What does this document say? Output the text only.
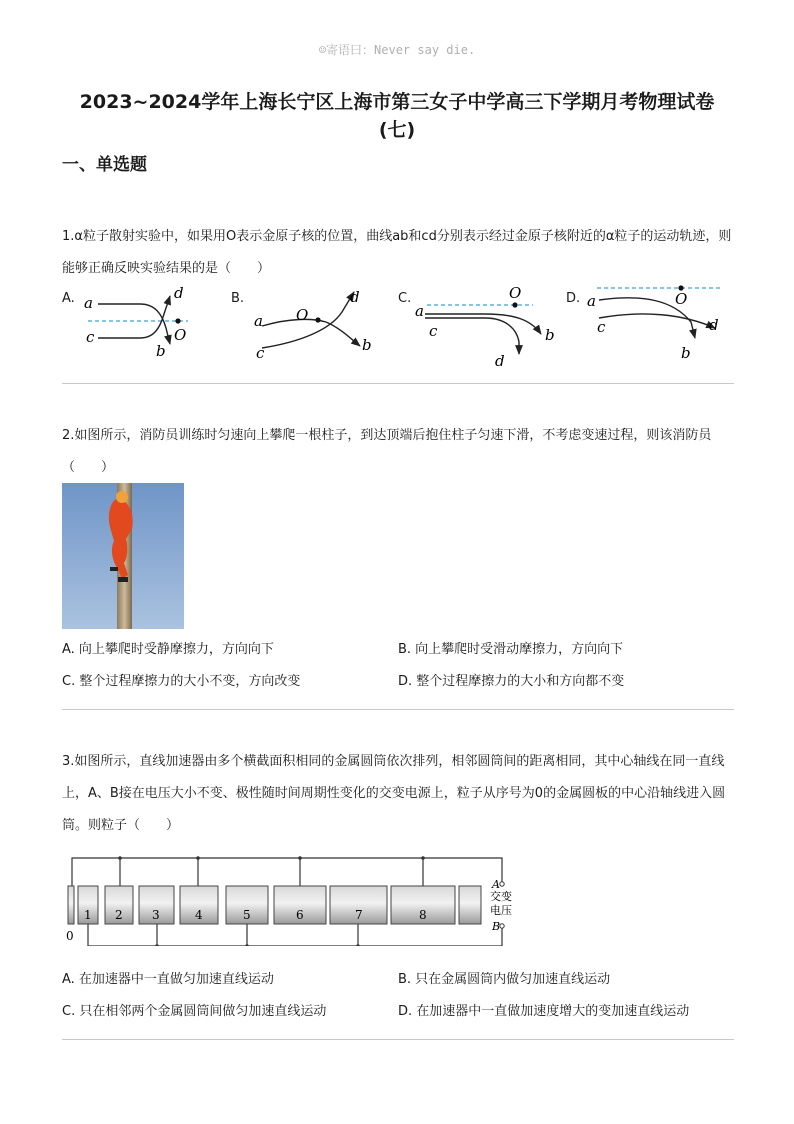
☺寄语曰：Never say die.
2023~2024学年上海长宁区上海市第三女子中学高三下学期月考物理试卷
(七)
一、单选题
1.α粒子散射实验中，如果用O表示金原子核的位置，曲线ab和cd分别表示经过金原子核附近的α粒子的运动轨迹，则能够正确反映实验结果的是（　　）
A.	B.	C.	D.
a
c
d
b
O
a
c
O
d
b
a
c
O
b
d
a
c
O
d
b
2.如图所示，消防员训练时匀速向上攀爬一根柱子，到达顶端后抱住柱子匀速下滑，不考虑变速过程，则该消防员（　　）
A. 向上攀爬时受静摩擦力，方向向下	B. 向上攀爬时受滑动摩擦力，方向向下
C. 整个过程摩擦力的大小不变，方向改变	D. 整个过程摩擦力的大小和方向都不变
3.如图所示，直线加速器由多个横截面积相同的金属圆筒依次排列，相邻圆筒间的距离相同，其中心轴线在同一直线上，A、B接在电压大小不变、极性随时间周期性变化的交变电源上，粒子从序号为0的金属圆板的中心沿轴线进入圆筒。则粒子（　　）
1 2 3	4	5	6	7	8
0
A
B
交变
电压
A. 在加速器中一直做匀加速直线运动	B. 只在金属圆筒内做匀加速直线运动
C. 只在相邻两个金属圆筒间做匀加速直线运动	D. 在加速器中一直做加速度增大的变加速直线运动
